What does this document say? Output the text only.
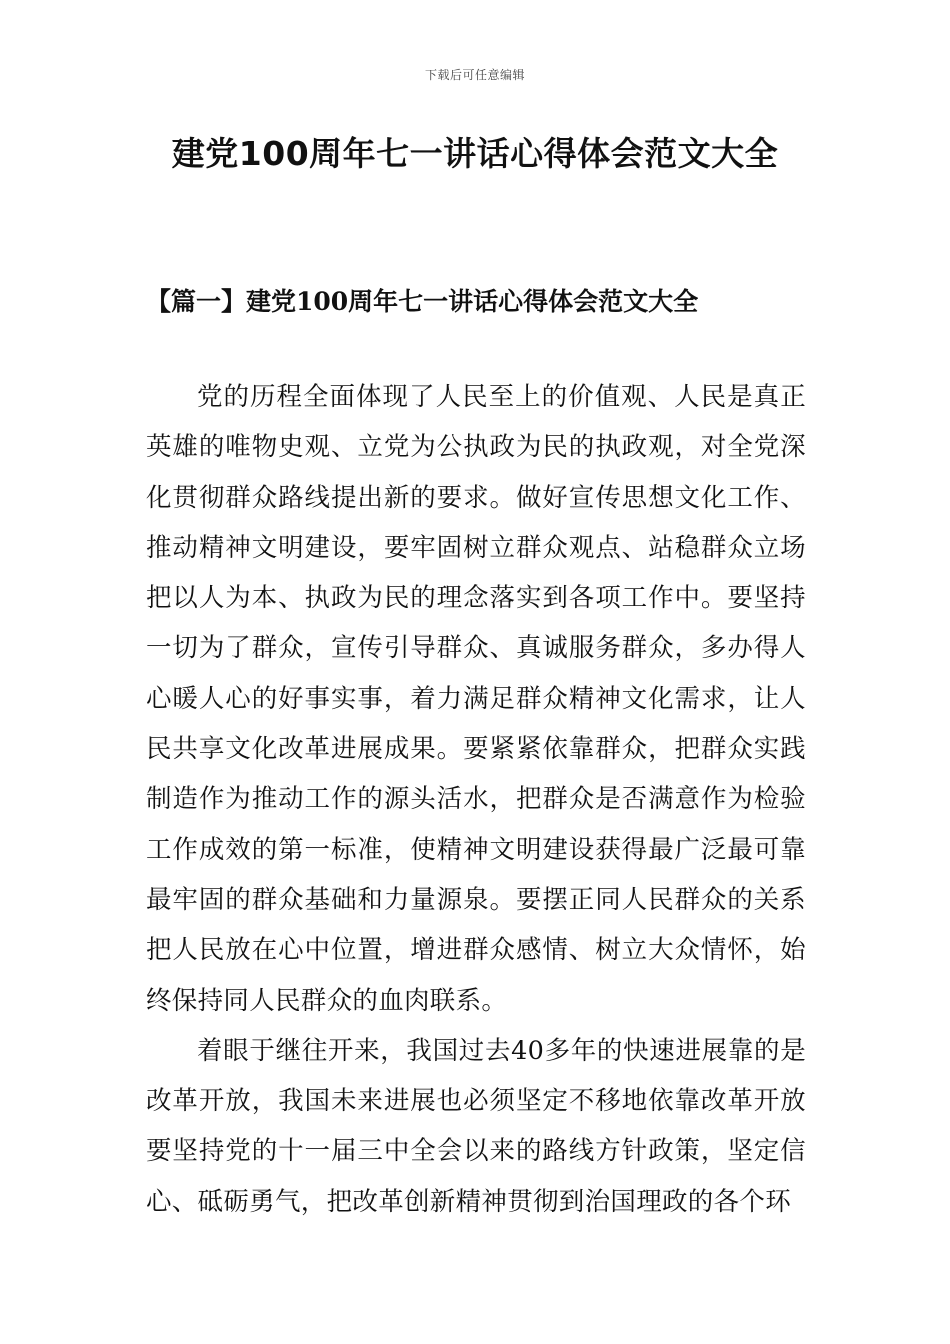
下载后可任意编辑
建党100周年七一讲话心得体会范文大全
【篇一】建党100周年七一讲话心得体会范文大全

党的历程全面体现了人民至上的价值观、人民是真正英雄的唯物史观、立党为公执政为民的执政观，对全党深化贯彻群众路线提出新的要求。做好宣传思想文化工作、推动精神文明建设，要牢固树立群众观点、站稳群众立场把以人为本、执政为民的理念落实到各项工作中。要坚持一切为了群众，宣传引导群众、真诚服务群众，多办得人心暖人心的好事实事，着力满足群众精神文化需求，让人民共享文化改革进展成果。要紧紧依靠群众，把群众实践制造作为推动工作的源头活水，把群众是否满意作为检验工作成效的第一标准，使精神文明建设获得最广泛最可靠最牢固的群众基础和力量源泉。要摆正同人民群众的关系把人民放在心中位置，增进群众感情、树立大众情怀，始终保持同人民群众的血肉联系。

着眼于继往开来，我国过去40多年的快速进展靠的是改革开放，我国未来进展也必须坚定不移地依靠改革开放要坚持党的十一届三中全会以来的路线方针政策，坚定信心、砥砺勇气，把改革创新精神贯彻到治国理政的各个环
